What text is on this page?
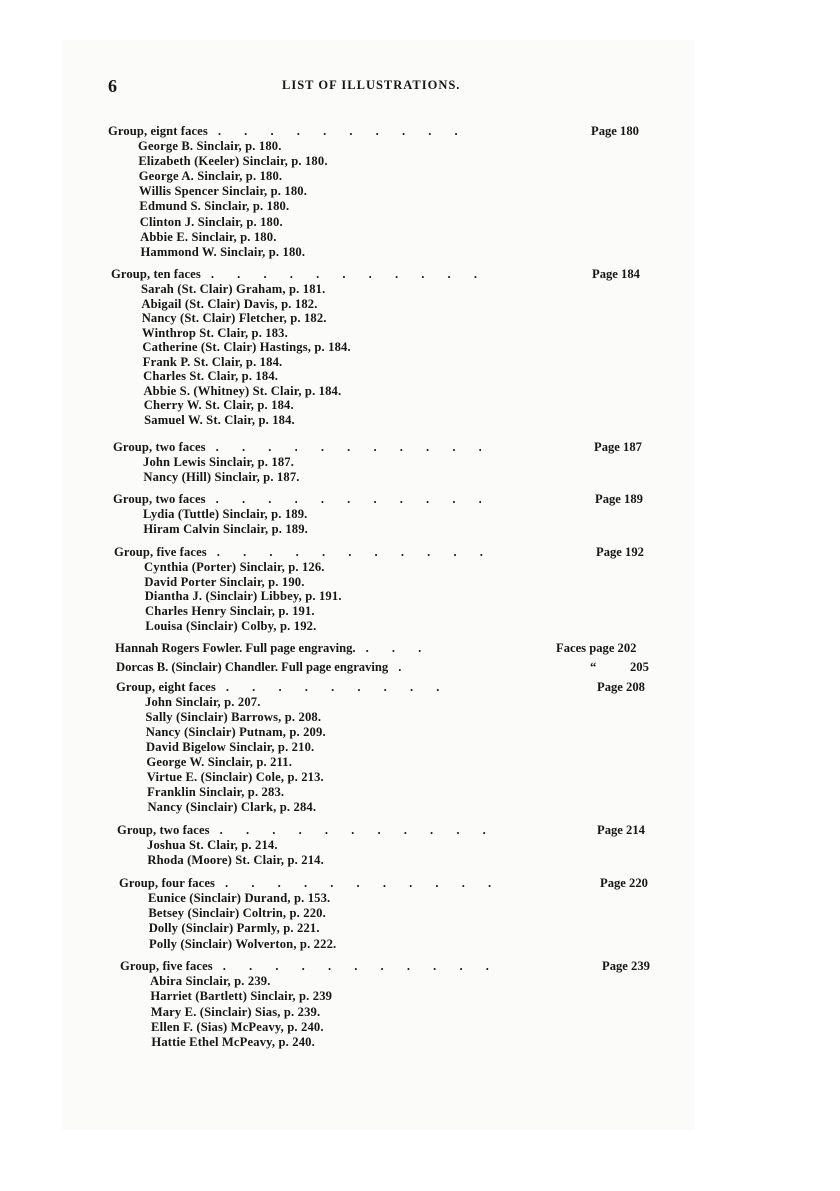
6	LIST OF ILLUSTRATIONS.
Group, eignt faces . . . . . . . . . .	Page 180
George B. Sinclair, p. 180.
Elizabeth (Keeler) Sinclair, p. 180.
George A. Sinclair, p. 180.
Willis Spencer Sinclair, p. 180.
Edmund S. Sinclair, p. 180.
Clinton J. Sinclair, p. 180.
Abbie E. Sinclair, p. 180.
Hammond W. Sinclair, p. 180.
Group, ten faces . . . . . . . . . . .	Page 184
Sarah (St. Clair) Graham, p. 181.
Abigail (St. Clair) Davis, p. 182.
Nancy (St. Clair) Fletcher, p. 182.
Winthrop St. Clair, p. 183.
Catherine (St. Clair) Hastings, p. 184.
Frank P. St. Clair, p. 184.
Charles St. Clair, p. 184.
Abbie S. (Whitney) St. Clair, p. 184.
Cherry W. St. Clair, p. 184.
Samuel W. St. Clair, p. 184.
Group, two faces . . . . . . . . . . .	Page 187
John Lewis Sinclair, p. 187.
Nancy (Hill) Sinclair, p. 187.
Group, two faces . . . . . . . . . . .	Page 189
Lydia (Tuttle) Sinclair, p. 189.
Hiram Calvin Sinclair, p. 189.
Group, five faces . . . . . . . . . . .	Page 192
Cynthia (Porter) Sinclair, p. 126.
David Porter Sinclair, p. 190.
Diantha J. (Sinclair) Libbey, p. 191.
Charles Henry Sinclair, p. 191.
Louisa (Sinclair) Colby, p. 192.
Hannah Rogers Fowler. Full page engraving. . . .	Faces page 202
Dorcas B. (Sinclair) Chandler. Full page engraving .	“	205
Group, eight faces . . . . . . . . .	Page 208
John Sinclair, p. 207.
Sally (Sinclair) Barrows, p. 208.
Nancy (Sinclair) Putnam, p. 209.
David Bigelow Sinclair, p. 210.
George W. Sinclair, p. 211.
Virtue E. (Sinclair) Cole, p. 213.
Franklin Sinclair, p. 283.
Nancy (Sinclair) Clark, p. 284.
Group, two faces . . . . . . . . . . .	Page 214
Joshua St. Clair, p. 214.
Rhoda (Moore) St. Clair, p. 214.
Group, four faces . . . . . . . . . . .	Page 220
Eunice (Sinclair) Durand, p. 153.
Betsey (Sinclair) Coltrin, p. 220.
Dolly (Sinclair) Parmly, p. 221.
Polly (Sinclair) Wolverton, p. 222.
Group, five faces . . . . . . . . . . .	Page 239
Abira Sinclair, p. 239.
Harriet (Bartlett) Sinclair, p. 239
Mary E. (Sinclair) Sias, p. 239.
Ellen F. (Sias) McPeavy, p. 240.
Hattie Ethel McPeavy, p. 240.
